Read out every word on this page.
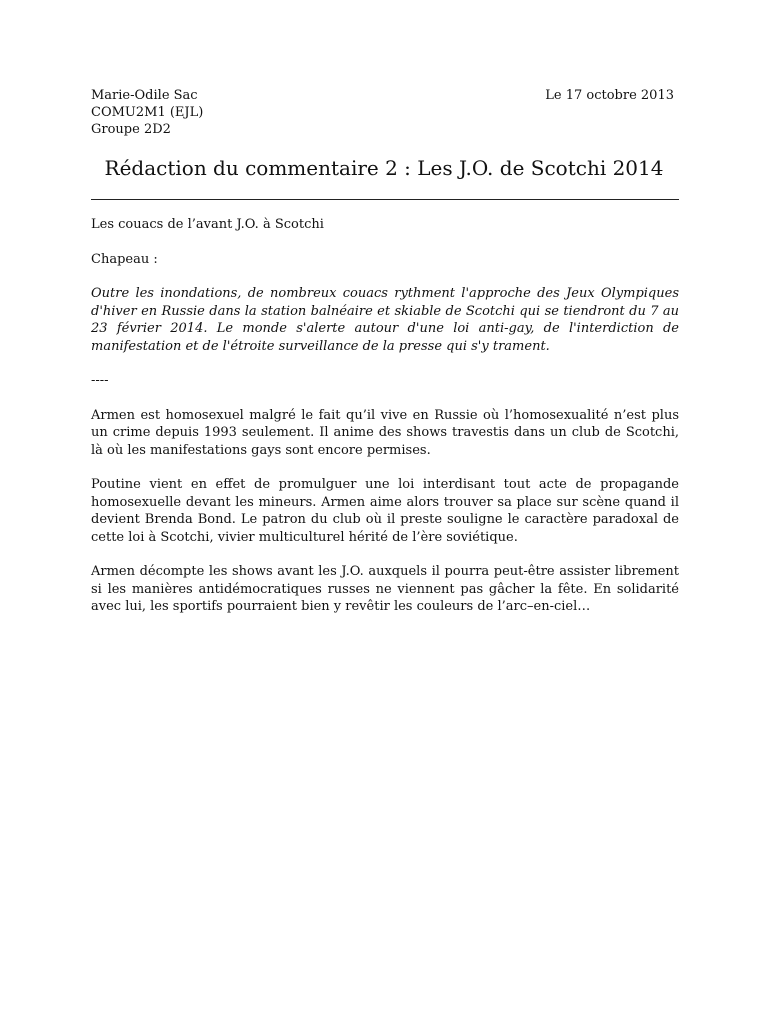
Marie-Odile Sac
COMU2M1 (EJL)
Groupe 2D2
Le 17 octobre 2013
Rédaction du commentaire 2 : Les J.O. de Scotchi 2014

Les couacs de l’avant J.O. à Scotchi

Chapeau :

Outre les inondations, de nombreux couacs rythment l'approche des Jeux Olympiques d'hiver en Russie dans la station balnéaire et skiable de Scotchi qui se tiendront du 7 au 23 février 2014. Le monde s'alerte autour d'une loi anti-gay, de l'interdiction de manifestation et de l'étroite surveillance de la presse qui s'y trament.

----

Armen est homosexuel malgré le fait qu’il vive en Russie où l’homosexualité n’est plus un crime depuis 1993 seulement. Il anime des shows travestis dans un club de Scotchi, là où les manifestations gays sont encore permises.

Poutine vient en effet de promulguer une loi interdisant tout acte de propagande homosexuelle devant les mineurs. Armen aime alors trouver sa place sur scène quand il devient Brenda Bond. Le patron du club où il preste souligne le caractère paradoxal de cette loi à Scotchi, vivier multiculturel hérité de l’ère soviétique.

Armen décompte les shows avant les J.O. auxquels il pourra peut-être assister librement si les manières antidémocratiques russes ne viennent pas gâcher la fête. En solidarité avec lui, les sportifs pourraient bien y revêtir les couleurs de l’arc–en-ciel…
